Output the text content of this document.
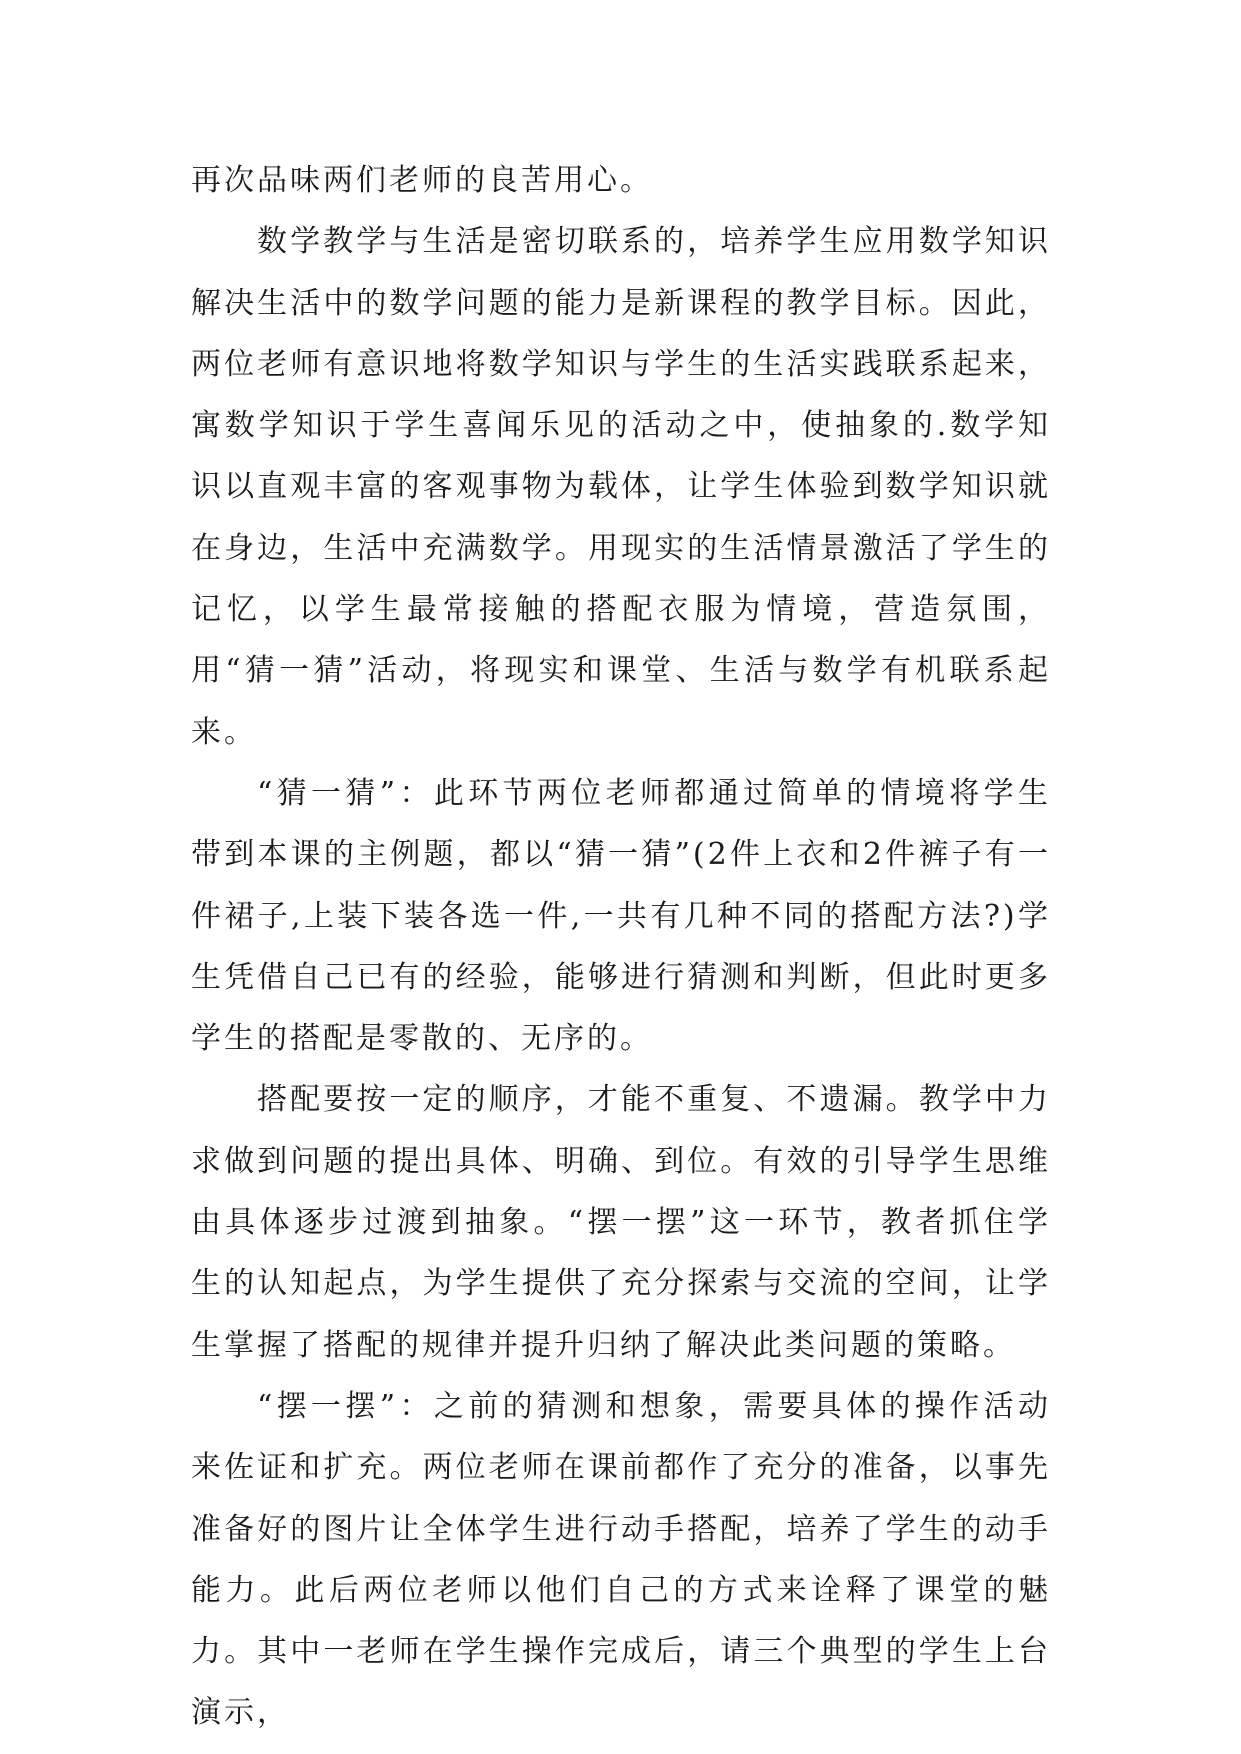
再次品味两们老师的良苦用心。

数学教学与生活是密切联系的，培养学生应用数学知识解决生活中的数学问题的能力是新课程的教学目标。因此，两位老师有意识地将数学知识与学生的生活实践联系起来，寓数学知识于学生喜闻乐见的活动之中，使抽象的.数学知识以直观丰富的客观事物为载体，让学生体验到数学知识就在身边，生活中充满数学。用现实的生活情景激活了学生的记忆，以学生最常接触的搭配衣服为情境，营造氛围，用“猜一猜”活动，将现实和课堂、生活与数学有机联系起来。

“猜一猜”：此环节两位老师都通过简单的情境将学生带到本课的主例题，都以“猜一猜”(2件上衣和2件裤子有一件裙子,上装下装各选一件,一共有几种不同的搭配方法?)学生凭借自己已有的经验，能够进行猜测和判断，但此时更多学生的搭配是零散的、无序的。

搭配要按一定的顺序，才能不重复、不遗漏。教学中力求做到问题的提出具体、明确、到位。有效的引导学生思维由具体逐步过渡到抽象。“摆一摆”这一环节，教者抓住学生的认知起点，为学生提供了充分探索与交流的空间，让学生掌握了搭配的规律并提升归纳了解决此类问题的策略。

“摆一摆”：之前的猜测和想象，需要具体的操作活动来佐证和扩充。两位老师在课前都作了充分的准备，以事先准备好的图片让全体学生进行动手搭配，培养了学生的动手能力。此后两位老师以他们自己的方式来诠释了课堂的魅力。其中一老师在学生操作完成后，请三个典型的学生上台演示，
